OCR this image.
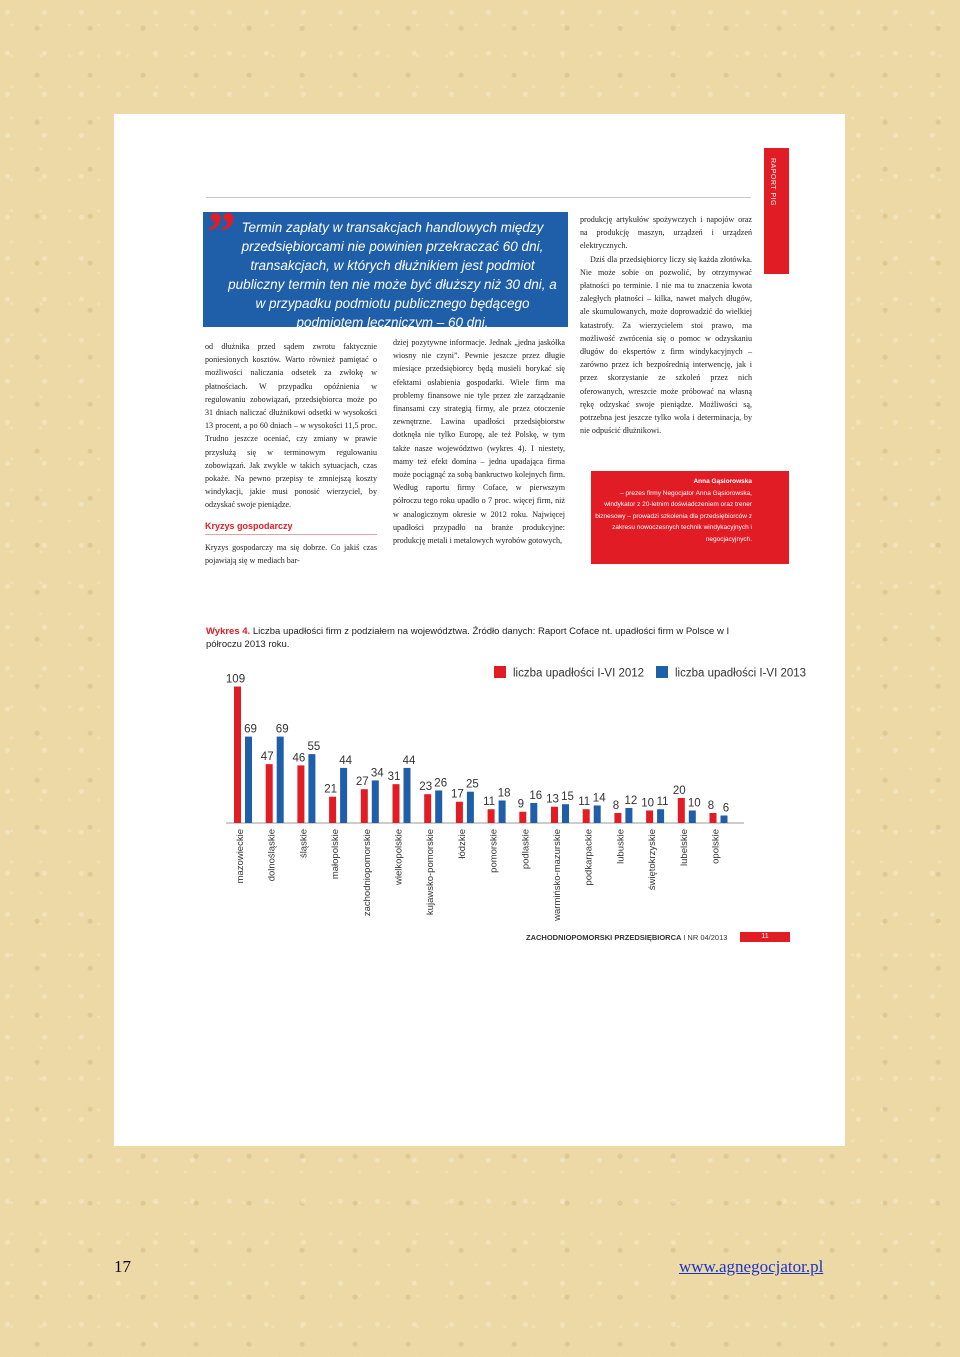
RAPORT PIG
” Termin zapłaty w transakcjach handlowych między przedsiębiorcami nie powinien przekraczać 60 dni, transakcjach, w których dłużnikiem jest podmiot publiczny termin ten nie może być dłuższy niż 30 dni, a w przypadku podmiotu publicznego będącego podmiotem leczniczym – 60 dni.

od dłużnika przed sądem zwrotu faktycznie poniesionych kosztów. Warto również pamiętać o możliwości naliczania odsetek za zwłokę w płatnościach. W przypadku opóźnienia w regulowaniu zobowiązań, przedsiębiorca może po 31 dniach naliczać dłużnikowi odsetki w wysokości 13 procent, a po 60 dniach – w wysokości 11,5 proc. Trudno jeszcze oceniać, czy zmiany w prawie przysłużą się w terminowym regulowaniu zobowiązań. Jak zwykle w takich sytuacjach, czas pokaże. Na pewno przepisy te zmniejszą koszty windykacji, jakie musi ponosić wierzyciel, by odzyskać swoje pieniądze.

Kryzys gospodarczy

Kryzys gospodarczy ma się dobrze. Co jakiś czas pojawiają się w mediach bar-

dziej pozytywne informacje. Jednak „jedna jaskółka wiosny nie czyni”. Pewnie jeszcze przez długie miesiące przedsiębiorcy będą musieli borykać się efektami osłabienia gospodarki. Wiele firm ma problemy finansowe nie tyle przez złe zarządzanie finansami czy strategią firmy, ale przez otoczenie zewnętrzne. Lawina upadłości przedsiębiorstw dotknęła nie tylko Europę, ale też Polskę, w tym także nasze województwo (wykres 4). I niestety, mamy też efekt domina – jedna upadająca firma może pociągnąć za sobą bankructwo kolejnych firm. Według raportu firmy Coface, w pierwszym półroczu tego roku upadło o 7 proc. więcej firm, niż w analogicznym okresie w 2012 roku. Najwięcej upadłości przypadło na branże produkcyjne: produkcję metali i metalowych wyrobów gotowych,

produkcję artykułów spożywczych i napojów oraz na produkcję maszyn, urządzeń i urządzeń elektrycznych.

Dziś dla przedsiębiorcy liczy się każda złotówka. Nie może sobie on pozwolić, by otrzymywać płatności po terminie. I nie ma tu znaczenia kwota zaległych płatności – kilka, nawet małych długów, ale skumulowanych, może doprowadzić do wielkiej katastrofy. Za wierzycielem stoi prawo, ma możliwość zwrócenia się o pomoc w odzyskaniu długów do ekspertów z firm windykacyjnych – zarówno przez ich bezpośrednią interwencję, jak i przez skorzystanie ze szkoleń przez nich oferowanych, wreszcie może próbować na własną rękę odzyskać swoje pieniądze. Możliwości są, potrzebna jest jeszcze tylko wola i determinacja, by nie odpuścić dłużnikowi.

Anna Gąsiorowska
– prezes firmy Negocjator Anna Gąsiorowska, windykator z 20-letnim doświadczeniem oraz trener biznesowy – prowadzi szkolenia dla przedsiębiorców z zakresu nowoczesnych technik windykacyjnych i negocjacyjnych.
Wykres 4. Liczba upadłości firm z podziałem na województwa. Źródło danych: Raport Coface nt. upadłości firm w Polsce w I półroczu 2013 roku.
109
69
mazowieckie
47
69
dolnośląskie
46
55
śląskie
21
44
małopolskie
27
34
zachodniopomorskie
31
44
wielkopolskie
23 26
kujawsko-pomorskie
17
25
łódzkie
11
18
pomorskie
9
16
podlaskie
13 15
warmińsko-mazurskie
11 14
podkarpackie
8 12
lubuskie
10 11
świętokrzyskie
20
10
lubelskie
8 6
opolskie
liczba upadłości I-VI 2012	liczba upadłości I-VI 2013
ZACHODNIOPOMORSKI PRZEDSIĘBIORCA I NR 04/2013	11
17	www.agnegocjator.pl
